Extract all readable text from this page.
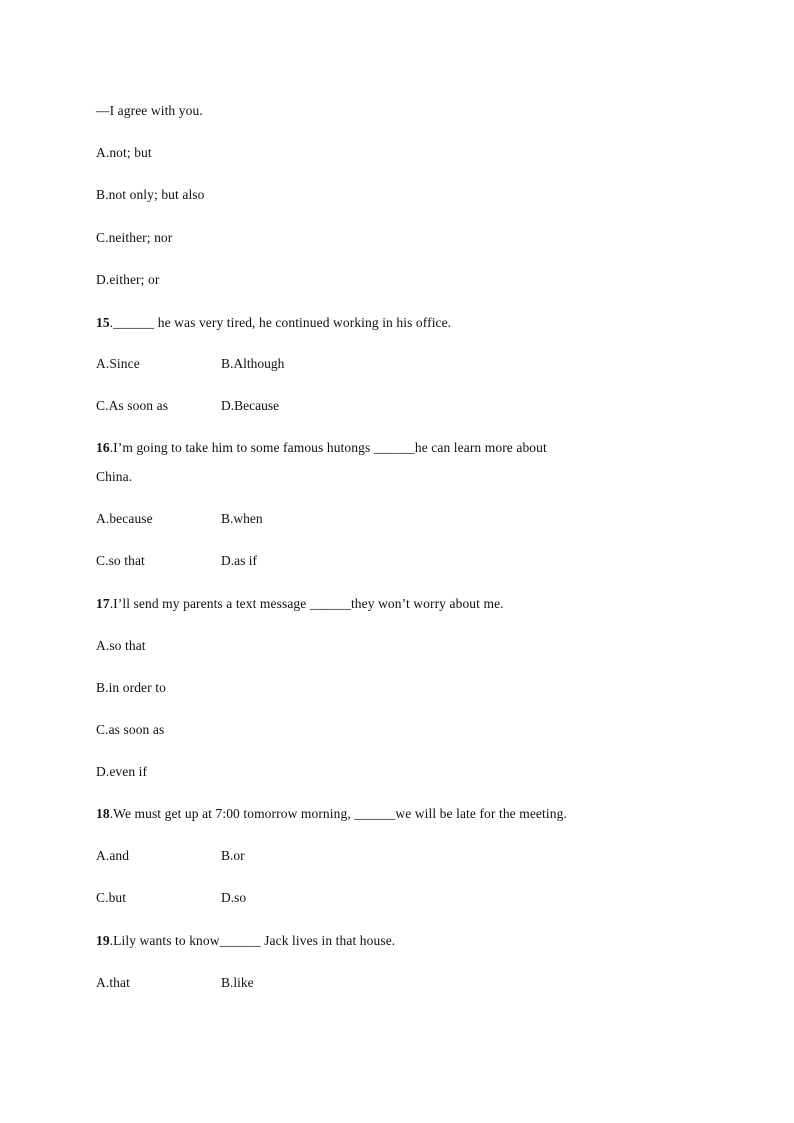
—I agree with you.
A.not; but
B.not only; but also
C.neither; nor
D.either; or
15.______ he was very tired, he continued working in his office.
A.Since	B.Although
C.As soon as	D.Because
16.I’m going to take him to some famous hutongs ______he can learn more about
China.
A.because	B.when
C.so that	D.as if
17.I’ll send my parents a text message ______they won’t worry about me.
A.so that
B.in order to
C.as soon as
D.even if
18.We must get up at 7:00 tomorrow morning, ______we will be late for the meeting.
A.and	B.or
C.but	D.so
19.Lily wants to know______ Jack lives in that house.
A.that	B.like
